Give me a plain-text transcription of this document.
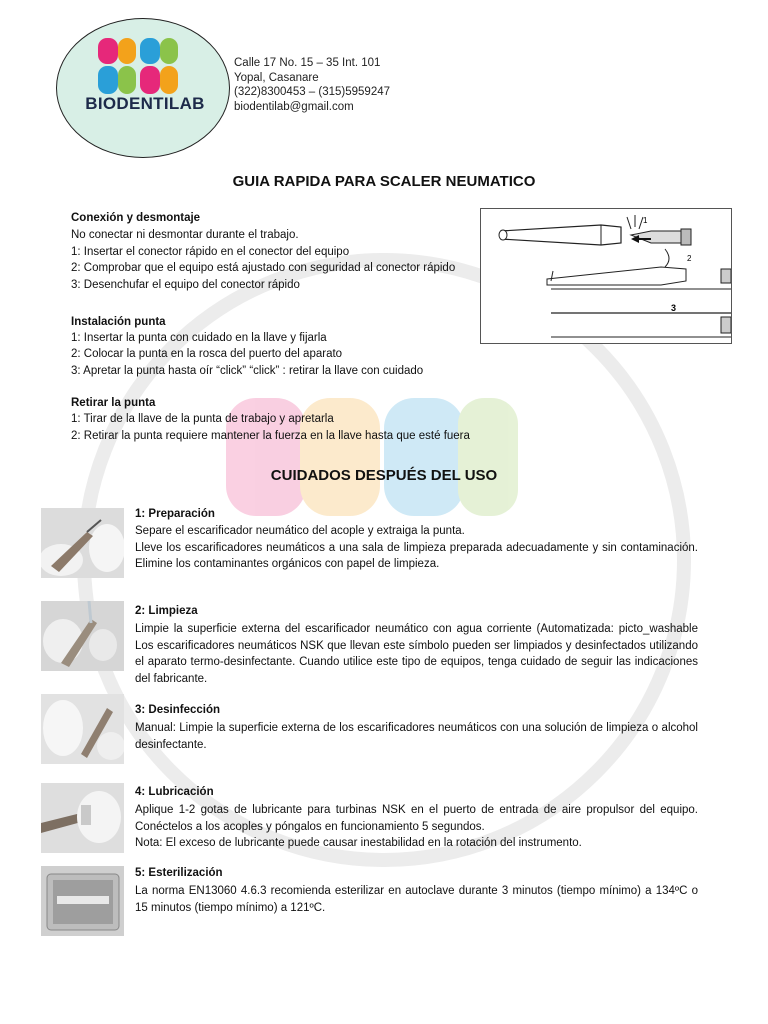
BIODENTILAB
Calle 17 No. 15 – 35 Int. 101
Yopal, Casanare
(322)8300453 – (315)5959247
biodentilab@gmail.com
GUIA RAPIDA PARA SCALER NEUMATICO
Conexión y desmontaje
No conectar ni desmontar durante el trabajo.
1: Insertar el conector rápido en el conector del equipo
2: Comprobar que el equipo está ajustado con seguridad al conector rápido
3: Desenchufar el equipo del conector rápido
Instalación punta
1: Insertar la punta con cuidado en la llave y fijarla
2: Colocar la punta en la rosca del puerto del aparato
3: Apretar la punta hasta oír “click” “click” : retirar la llave con cuidado
Retirar la punta
1: Tirar de la llave de la punta de trabajo y apretarla
2: Retirar la punta requiere mantener la fuerza en la llave hasta que esté fuera
1
2
3
CUIDADOS DESPUÉS DEL USO
1: Preparación

Separe el escarificador neumático del acople y extraiga la punta.

Lleve los escarificadores neumáticos a una sala de limpieza preparada adecuadamente y sin contaminación. Elimine los contaminantes orgánicos con papel de limpieza.

2: Limpieza

Limpie la superficie externa del escarificador neumático con agua corriente (Automatizada: picto_washable Los escarificadores neumáticos NSK que llevan este símbolo pueden ser limpiados y desinfectados utilizando el aparato termo-desinfectante. Cuando utilice este tipo de equipos, tenga cuidado de seguir las indicaciones del fabricante.

3: Desinfección

Manual: Limpie la superficie externa de los escarificadores neumáticos con una solución de limpieza o alcohol desinfectante.

4: Lubricación

Aplique 1-2 gotas de lubricante para turbinas NSK en el puerto de entrada de aire propulsor del equipo. Conéctelos a los acoples y póngalos en funcionamiento 5 segundos.

Nota: El exceso de lubricante puede causar inestabilidad en la rotación del instrumento.

5: Esterilización

La norma EN13060 4.6.3 recomienda esterilizar en autoclave durante 3 minutos (tiempo mínimo) a 134ºC o 15 minutos (tiempo mínimo) a 121ºC.
